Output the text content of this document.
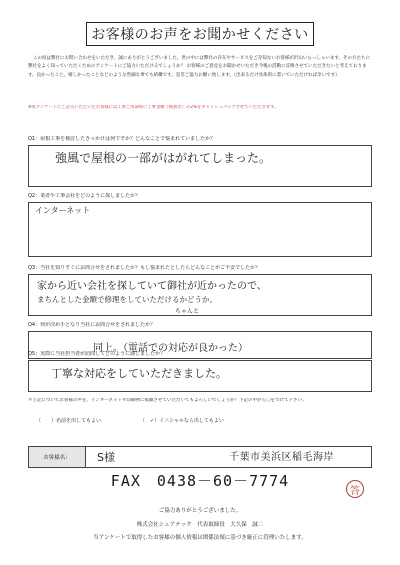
お客様のお声をお聞かせください
この度は弊社にお問い合わせをいただき、誠にありがとうございました。世の中には弊社の存在やサービスをご存知ないお客様が沢山いらっしゃいます。その方たちに弊社をよく知っていただくためのアンケートにご協力いただけるでしょうか？ お客様のご意見をお聞かせいただき今後の活動に反映させていただきたいと考えております。良かったこと、嬉しかったことなどのような些細な事でも結構です。是非ご協力お願い致します。（出来るだけ具体的に書いていただければ幸いです）
※本アンケートにご記入いただいたお客様には工事ご用命時に工事金額（税抜き）の2%をキャッシュバックさせていただきます。
Q1：屋根工事を検討したきっかけは何ですか？どんなことで悩まれていましたか？
強風で屋根の一部がはがれてしまった。
Q2：業者や工事会社をどのように探しましたか？
インターネット
Q3：当社を知りすぐにお問合せをされましたか？もし悩まれたとしたらどんなことがご不安でしたか？
家から近い会社を探していて御社が近かったので、
まちんとした金額で修理をしていただけるかどうか。
ちゃんと
Q4：何が決め手となり当社にお問合せをされましたか？
同上。（電話での対応が良かった）
Q5：実際に当社担当者が訪問してどのように感じましたか？
丁寧な対応をしていただきました。
＊上記についてお客様の声を、インターネットや印刷物に掲載させていただいてもよろしいでしょうか？下記の中から〇をつけて下さい。
（　　）名前を出してもよい	（　✓）イニシャルなら出してもよい
お客様名：	S様	千葉市美浜区稲毛海岸
FAX　0438－60－7774
答
ご協力ありがとうございました。
株式会社シェアテック　代表取締役　大久保　誠二
当アンケートで取得したお客様の個人情報は関係法規に基づき厳正に管理いたします。
